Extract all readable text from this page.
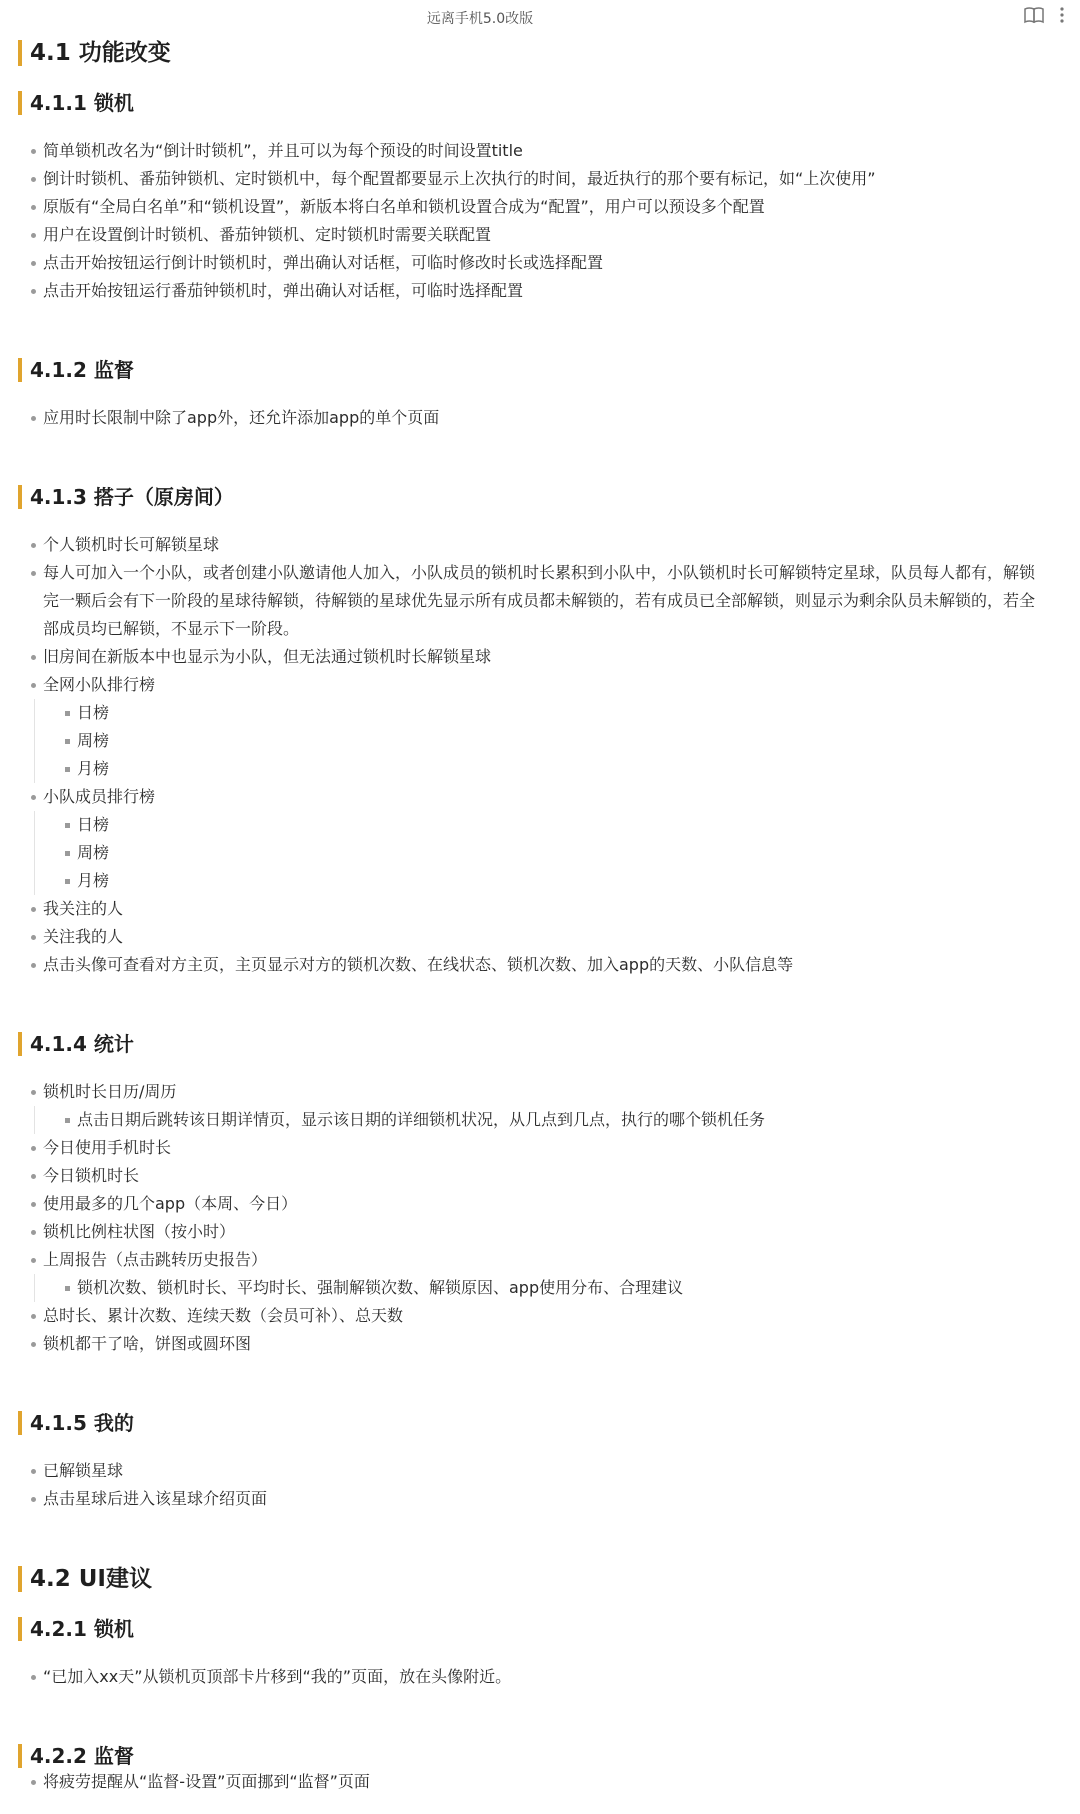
远离手机5.0改版
4.1 功能改变
4.1.1 锁机
简单锁机改名为“倒计时锁机”，并且可以为每个预设的时间设置title
倒计时锁机、番茄钟锁机、定时锁机中，每个配置都要显示上次执行的时间，最近执行的那个要有标记，如“上次使用”
原版有“全局白名单”和“锁机设置”，新版本将白名单和锁机设置合成为“配置”，用户可以预设多个配置
用户在设置倒计时锁机、番茄钟锁机、定时锁机时需要关联配置
点击开始按钮运行倒计时锁机时，弹出确认对话框，可临时修改时长或选择配置
点击开始按钮运行番茄钟锁机时，弹出确认对话框，可临时选择配置
4.1.2 监督
应用时长限制中除了app外，还允许添加app的单个页面
4.1.3 搭子（原房间）
个人锁机时长可解锁星球
每人可加入一个小队，或者创建小队邀请他人加入，小队成员的锁机时长累积到小队中，小队锁机时长可解锁特定星球，队员每人都有，解锁完一颗后会有下一阶段的星球待解锁，待解锁的星球优先显示所有成员都未解锁的，若有成员已全部解锁，则显示为剩余队员未解锁的，若全部成员均已解锁，不显示下一阶段。
旧房间在新版本中也显示为小队，但无法通过锁机时长解锁星球
全网小队排行榜
日榜
周榜
月榜
小队成员排行榜
日榜
周榜
月榜
我关注的人
关注我的人
点击头像可查看对方主页，主页显示对方的锁机次数、在线状态、锁机次数、加入app的天数、小队信息等
4.1.4 统计
锁机时长日历/周历
点击日期后跳转该日期详情页，显示该日期的详细锁机状况，从几点到几点，执行的哪个锁机任务
今日使用手机时长
今日锁机时长
使用最多的几个app（本周、今日）
锁机比例柱状图（按小时）
上周报告（点击跳转历史报告）
锁机次数、锁机时长、平均时长、强制解锁次数、解锁原因、app使用分布、合理建议
总时长、累计次数、连续天数（会员可补）、总天数
锁机都干了啥，饼图或圆环图
4.1.5 我的
已解锁星球
点击星球后进入该星球介绍页面
4.2 UI建议
4.2.1 锁机
“已加入xx天”从锁机页顶部卡片移到“我的”页面，放在头像附近。
4.2.2 监督
将疲劳提醒从“监督-设置”页面挪到“监督”页面
